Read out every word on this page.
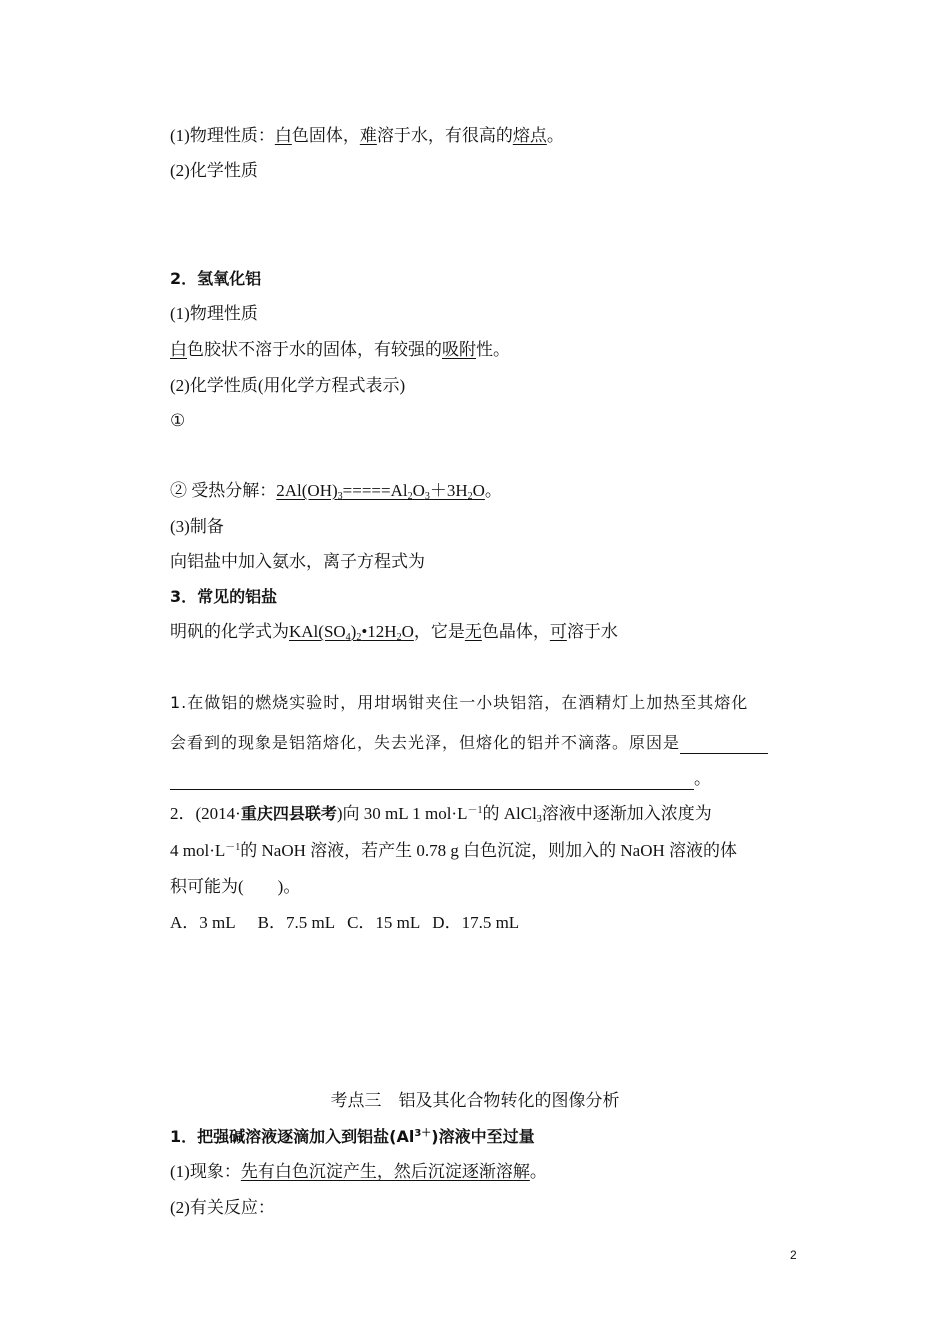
(1)物理性质：白色固体，难溶于水，有很高的熔点。
(2)化学性质
2．氢氧化铝
(1)物理性质
白色胶状不溶于水的固体，有较强的吸附性。
(2)化学性质(用化学方程式表示)
①
② 受热分解：$2Al(OH)_3=====Al_2O_3+3H_2O$。
(3)制备
向铝盐中加入氨水，离子方程式为
3．常见的铝盐
明矾的化学式为$KAl(SO_4)_2•12H_2O$，它是无色晶体，可溶于水
1.在做铝的燃烧实验时，用坩埚钳夹住一小块铝箔，在酒精灯上加热至其熔化
会看到的现象是铝箔熔化，失去光泽，但熔化的铝并不滴落。原因是
。
2．(2014·重庆四县联考)向 30 mL 1 $mol\cdot L^{-1}$的 AlCl$_3$溶液中逐渐加入浓度为
4 $mol\cdot L^{-1}$的 NaOH 溶液，若产生 0.78 g 白色沉淀，则加入的 NaOH 溶液的体
积可能为(　　)。
A．3 mL B．7.5 mL C．15 mL D．17.5 mL
考点三　铝及其化合物转化的图像分析
1．把强碱溶液逐滴加入到铝盐$(Al^{3+})$溶液中至过量
(1)现象：先有白色沉淀产生，然后沉淀逐渐溶解。
(2)有关反应：
2
